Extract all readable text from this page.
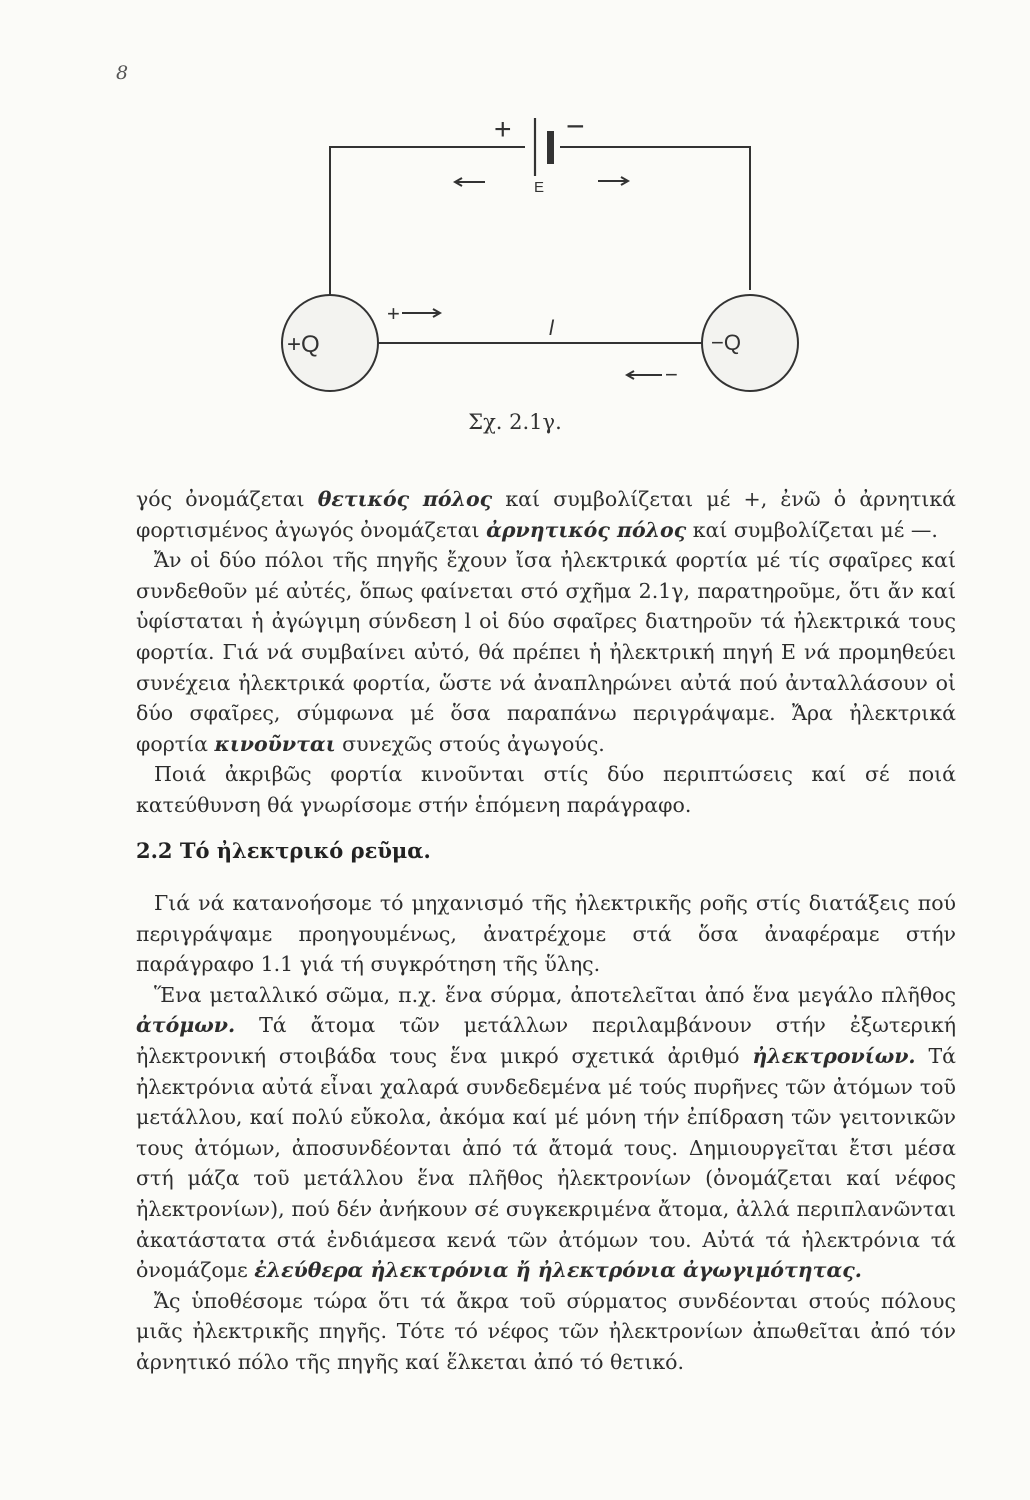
8
+ −
E
+Q	−Q
l
+
−
Σχ. 2.1γ.

γός ὀνομάζεται θετικός πόλος καί συμβολίζεται μέ +, ἐνῶ ὁ ἀρνητικά φορτισμένος ἀγωγός ὀνομάζεται ἀρνητικός πόλος καί συμβολίζεται μέ —.

Ἄν οἱ δύο πόλοι τῆς πηγῆς ἔχουν ἴσα ἠλεκτρικά φορτία μέ τίς σφαῖρες καί συνδεθοῦν μέ αὐτές, ὅπως φαίνεται στό σχῆμα 2.1γ, παρατηροῦμε, ὅτι ἄν καί ὑφίσταται ἡ ἀγώγιμη σύνδεση l οἱ δύο σφαῖρες διατηροῦν τά ἠλεκτρικά τους φορτία. Γιά νά συμβαίνει αὐτό, θά πρέπει ἡ ἠλεκτρική πηγή Ε νά προμηθεύει συνέχεια ἠλεκτρικά φορτία, ὥστε νά ἀναπληρώνει αὐτά πού ἀνταλλάσουν οἱ δύο σφαῖρες, σύμφωνα μέ ὅσα παραπάνω περιγράψαμε. Ἄρα ἠλεκτρικά φορτία κινοῦνται συνεχῶς στούς ἀγωγούς.

Ποιά ἀκριβῶς φορτία κινοῦνται στίς δύο περιπτώσεις καί σέ ποιά κατεύθυνση θά γνωρίσομε στήν ἑπόμενη παράγραφο.

2.2 Τό ἠλεκτρικό ρεῦμα.

Γιά νά κατανοήσομε τό μηχανισμό τῆς ἠλεκτρικῆς ροῆς στίς διατάξεις πού περιγράψαμε προηγουμένως, ἀνατρέχομε στά ὅσα ἀναφέραμε στήν παράγραφο 1.1 γιά τή συγκρότηση τῆς ὕλης.

Ἕνα μεταλλικό σῶμα, π.χ. ἕνα σύρμα, ἀποτελεῖται ἀπό ἕνα μεγάλο πλῆθος ἀτόμων. Τά ἄτομα τῶν μετάλλων περιλαμβάνουν στήν ἐξωτερική ἠλεκτρονική στοιβάδα τους ἕνα μικρό σχετικά ἀριθμό ἠλεκτρονίων. Τά ἠλεκτρόνια αὐτά εἶναι χαλαρά συνδεδεμένα μέ τούς πυρῆνες τῶν ἀτόμων τοῦ μετάλλου, καί πολύ εὔκολα, ἀκόμα καί μέ μόνη τήν ἐπίδραση τῶν γειτονικῶν τους ἀτόμων, ἀποσυνδέονται ἀπό τά ἄτομά τους. Δημιουργεῖται ἔτσι μέσα στή μάζα τοῦ μετάλλου ἕνα πλῆθος ἠλεκτρονίων (ὀνομάζεται καί νέφος ἠλεκτρονίων), πού δέν ἀνήκουν σέ συγκεκριμένα ἄτομα, ἀλλά περιπλανῶνται ἀκατάστατα στά ἐνδιάμεσα κενά τῶν ἀτόμων του. Αὐτά τά ἠλεκτρόνια τά ὀνομάζομε ἐλεύθερα ἠλεκτρόνια ἤ ἠλεκτρόνια ἀγωγιμότητας.

Ἄς ὑποθέσομε τώρα ὅτι τά ἄκρα τοῦ σύρματος συνδέονται στούς πόλους μιᾶς ἠλεκτρικῆς πηγῆς. Τότε τό νέφος τῶν ἠλεκτρονίων ἀπωθεῖται ἀπό τόν ἀρνητικό πόλο τῆς πηγῆς καί ἕλκεται ἀπό τό θετικό.
